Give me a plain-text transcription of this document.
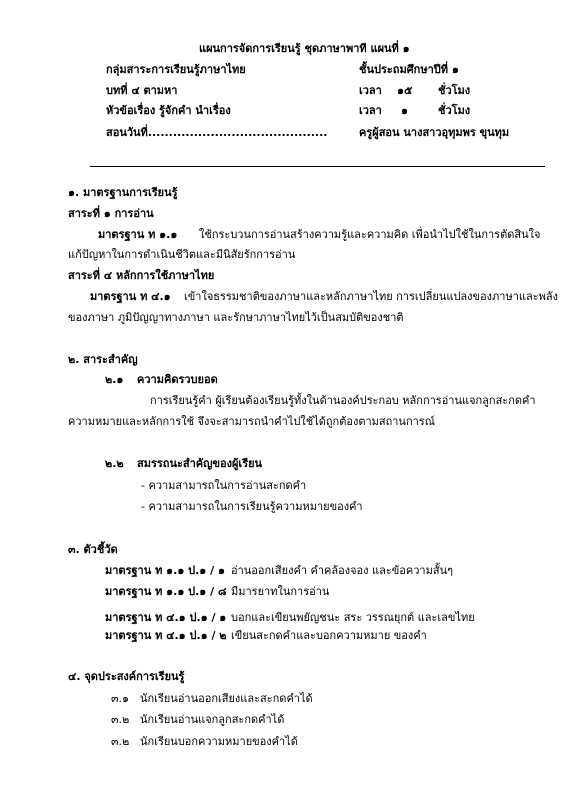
แผนการจัดการเรียนรู้ ชุดภาษาพาที แผนที่ ๑
กลุ่มสาระการเรียนรู้ภาษาไทย	ชั้นประถมศึกษาปีที่ ๑
บทที่ ๔ ตามหา	เวลา ๑๕ ชั่วโมง
หัวข้อเรื่อง รู้จักคำ นำเรื่อง	เวลา ๑	ชั่วโมง
สอนวันที่...........................................	ครูผู้สอน นางสาวอุทุมพร ขุนทุม
๑. มาตรฐานการเรียนรู้
สาระที่ ๑ การอ่าน
มาตรฐาน ท ๑.๑ ใช้กระบวนการอ่านสร้างความรู้และความคิด เพื่อนำไปใช้ในการตัดสินใจ
แก้ปัญหาในการดำเนินชีวิตและมีนิสัยรักการอ่าน
สาระที่ ๔ หลักการใช้ภาษาไทย
มาตรฐาน ท ๔.๑ เข้าใจธรรมชาติของภาษาและหลักภาษาไทย การเปลี่ยนแปลงของภาษาและพลัง
ของภาษา ภูมิปัญญาทางภาษา และรักษาภาษาไทยไว้เป็นสมบัติของชาติ
๒. สาระสำคัญ
๒.๑ ความคิดรวบยอด
การเรียนรู้คำ ผู้เรียนต้องเรียนรู้ทั้งในด้านองค์ประกอบ หลักการอ่านแจกลูกสะกดคำ
ความหมายและหลักการใช้ จึงจะสามารถนำคำไปใช้ได้ถูกต้องตามสถานการณ์
๒.๒ สมรรถนะสำคัญของผู้เรียน
- ความสามารถในการอ่านสะกดคำ
- ความสามารถในการเรียนรู้ความหมายของคำ
๓. ตัวชี้วัด
มาตรฐาน ท ๑.๑ ป.๑ / ๑ อ่านออกเสียงคำ คำคล้องจอง และข้อความสั้นๆ
มาตรฐาน ท ๑.๑ ป.๑ / ๘ มีมารยาทในการอ่าน
มาตรฐาน ท ๔.๑ ป.๑ / ๑ บอกและเขียนพยัญชนะ สระ วรรณยุกต์ และเลขไทย
มาตรฐาน ท ๔.๑ ป.๑ / ๒ เขียนสะกดคำและบอกความหมาย ของคำ
๔. จุดประสงค์การเรียนรู้
๓.๑ นักเรียนอ่านออกเสียงและสะกดคำได้
๓.๒ นักเรียนอ่านแจกลูกสะกดคำได้
๓.๒ นักเรียนบอกความหมายของคำได้
